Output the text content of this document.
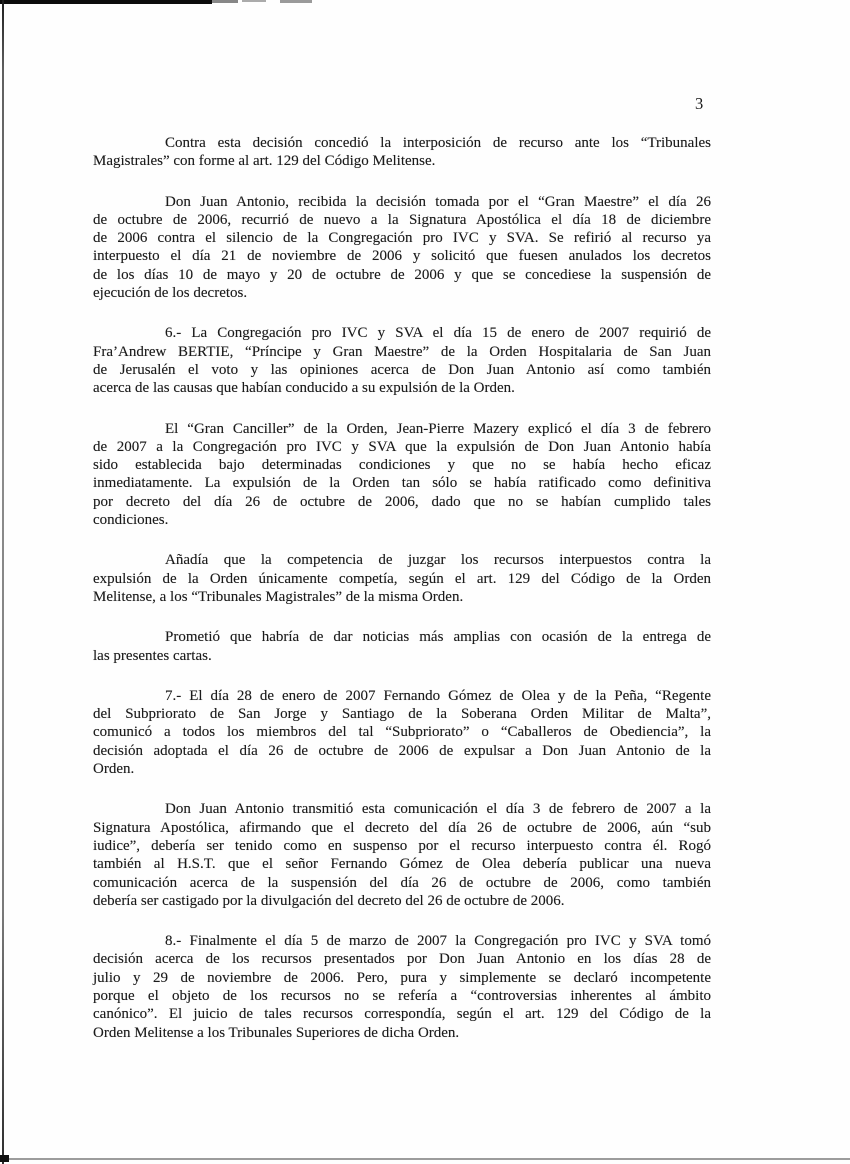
3
Contra esta decisión concedió la interposición de recurso ante los “Tribunales
Magistrales” con forme al art. 129 del Código Melitense.
Don Juan Antonio, recibida la decisión tomada por el “Gran Maestre” el día 26
de octubre de 2006, recurrió de nuevo a la Signatura Apostólica el día 18 de diciembre
de 2006 contra el silencio de la Congregación pro IVC y SVA. Se refirió al recurso ya
interpuesto el día 21 de noviembre de 2006 y solicitó que fuesen anulados los decretos
de los días 10 de mayo y 20 de octubre de 2006 y que se concediese la suspensión de
ejecución de los decretos.
6.- La Congregación pro IVC y SVA el día 15 de enero de 2007 requirió de
Fra’Andrew BERTIE, “Príncipe y Gran Maestre” de la Orden Hospitalaria de San Juan
de Jerusalén el voto y las opiniones acerca de Don Juan Antonio así como también
acerca de las causas que habían conducido a su expulsión de la Orden.
El “Gran Canciller” de la Orden, Jean-Pierre Mazery explicó el día 3 de febrero
de 2007 a la Congregación pro IVC y SVA que la expulsión de Don Juan Antonio había
sido establecida bajo determinadas condiciones y que no se había hecho eficaz
inmediatamente. La expulsión de la Orden tan sólo se había ratificado como definitiva
por decreto del día 26 de octubre de 2006, dado que no se habían cumplido tales
condiciones.
Añadía que la competencia de juzgar los recursos interpuestos contra la
expulsión de la Orden únicamente competía, según el art. 129 del Código de la Orden
Melitense, a los “Tribunales Magistrales” de la misma Orden.
Prometió que habría de dar noticias más amplias con ocasión de la entrega de
las presentes cartas.
7.- El día 28 de enero de 2007 Fernando Gómez de Olea y de la Peña, “Regente
del Subpriorato de San Jorge y Santiago de la Soberana Orden Militar de Malta”,
comunicó a todos los miembros del tal “Subpriorato” o “Caballeros de Obediencia”, la
decisión adoptada el día 26 de octubre de 2006 de expulsar a Don Juan Antonio de la
Orden.
Don Juan Antonio transmitió esta comunicación el día 3 de febrero de 2007 a la
Signatura Apostólica, afirmando que el decreto del día 26 de octubre de 2006, aún “sub
iudice”, debería ser tenido como en suspenso por el recurso interpuesto contra él. Rogó
también al H.S.T. que el señor Fernando Gómez de Olea debería publicar una nueva
comunicación acerca de la suspensión del día 26 de octubre de 2006, como también
debería ser castigado por la divulgación del decreto del 26 de octubre de 2006.
8.- Finalmente el día 5 de marzo de 2007 la Congregación pro IVC y SVA tomó
decisión acerca de los recursos presentados por Don Juan Antonio en los días 28 de
julio y 29 de noviembre de 2006. Pero, pura y simplemente se declaró incompetente
porque el objeto de los recursos no se refería a “controversias inherentes al ámbito
canónico”. El juicio de tales recursos correspondía, según el art. 129 del Código de la
Orden Melitense a los Tribunales Superiores de dicha Orden.
